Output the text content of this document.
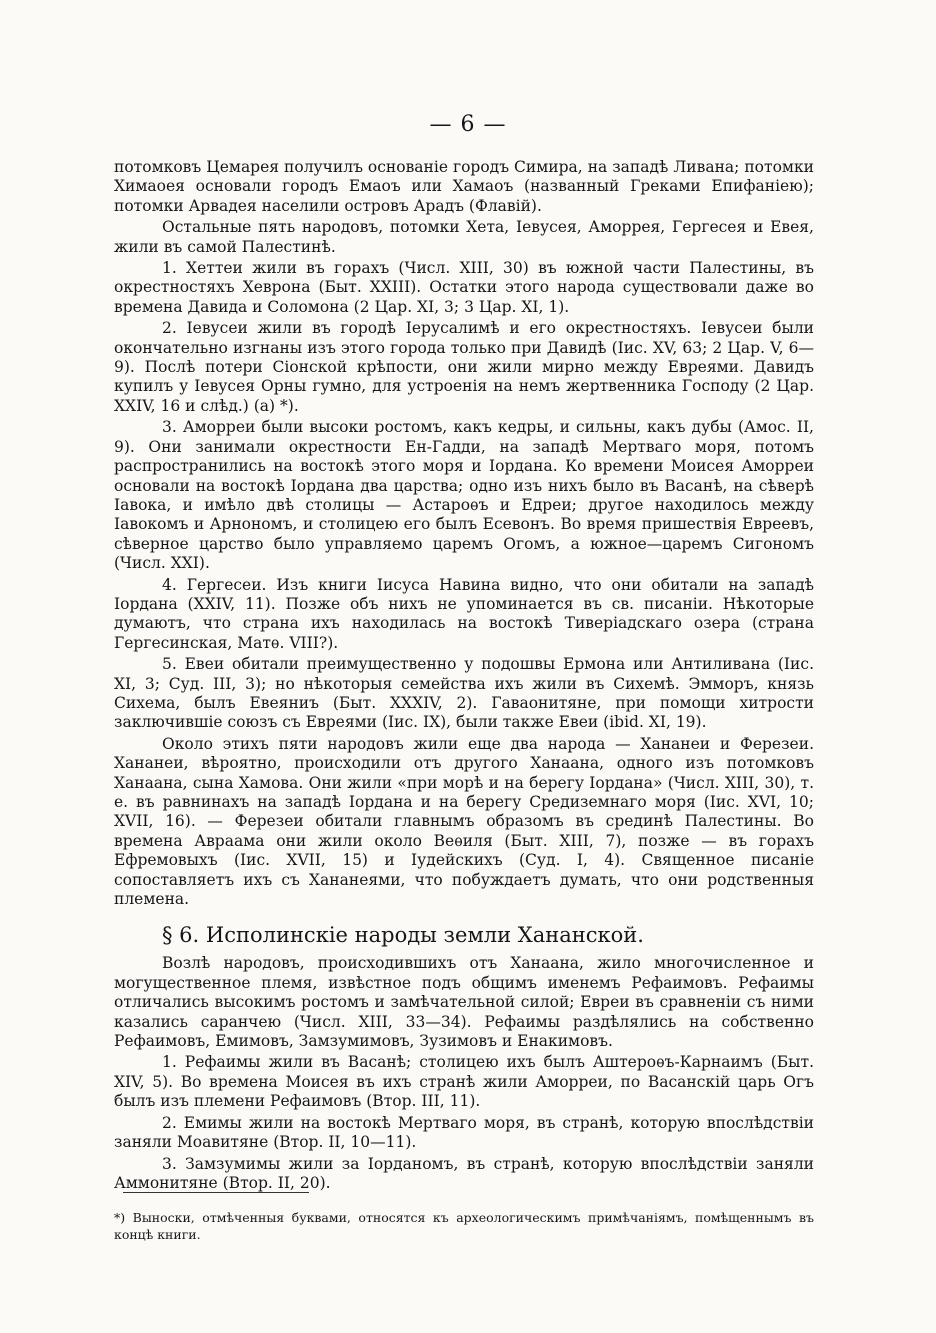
— 6 —

потомковъ Цемарея получилъ основаніе городъ Симира, на западѣ Ливана; потомки Химаоея основали городъ Емаоъ или Хамаоъ (названный Греками Епифаніею); потомки Арвадея населили островъ Арадъ (Флавій).

Остальные пять народовъ, потомки Хета, Іевусея, Аморрея, Гергесея и Евея, жили въ самой Палестинѣ.

1. Хеттеи жили въ горахъ (Числ. XIII, 30) въ южной части Палестины, въ окрестностяхъ Хеврона (Быт. XXIII). Остатки этого народа существовали даже во времена Давида и Соломона (2 Цар. XI, 3; 3 Цар. XI, 1).

2. Іевусеи жили въ городѣ Іерусалимѣ и его окрестностяхъ. Іевусеи были окончательно изгнаны изъ этого города только при Давидѣ (Іис. XV, 63; 2 Цар. V, 6—9). Послѣ потери Сіонской крѣпости, они жили мирно между Евреями. Давидъ купилъ у Іевусея Орны гумно, для устроенія на немъ жертвенника Господу (2 Цар. XXIV, 16 и слѣд.) (а) *).

3. Аморреи были высоки ростомъ, какъ кедры, и сильны, какъ дубы (Амос. II, 9). Они занимали окрестности Ен-Гадди, на западѣ Мертваго моря, потомъ распространились на востокѣ этого моря и Іордана. Ко времени Моисея Аморреи основали на востокѣ Іордана два царства; одно изъ нихъ было въ Васанѣ, на сѣверѣ Іавока, и имѣло двѣ столицы — Астароѳъ и Едреи; другое находилось между Іавокомъ и Арнономъ, и столицею его былъ Есевонъ. Во время пришествія Евреевъ, сѣверное царство было управляемо царемъ Огомъ, а южное—царемъ Сигономъ (Числ. XXI).

4. Гергесеи. Изъ книги Іисуса Навина видно, что они обитали на западѣ Іордана (XXIV, 11). Позже объ нихъ не упоминается въ св. писаніи. Нѣкоторые думаютъ, что страна ихъ находилась на востокѣ Тиверіадскаго озера (страна Гергесинская, Матѳ. VIII?).

5. Евеи обитали преимущественно у подошвы Ермона или Антиливана (Іис. XI, 3; Суд. III, 3); но нѣкоторыя семейства ихъ жили въ Сихемѣ. Эмморъ, князь Сихема, былъ Евеяниъ (Быт. XXXIV, 2). Гаваонитяне, при помощи хитрости заключившіе союзъ съ Евреями (Іис. IX), были также Евеи (ibid. XI, 19).

Около этихъ пяти народовъ жили еще два народа — Хананеи и Ферезеи. Хананеи, вѣроятно, происходили отъ другого Ханаана, одного изъ потомковъ Ханаана, сына Хамова. Они жили «при морѣ и на берегу Іордана» (Числ. XIII, 30), т. е. въ равнинахъ на западѣ Іордана и на берегу Средиземнаго моря (Іис. XVI, 10; XVII, 16). — Ферезеи обитали главнымъ образомъ въ срединѣ Палестины. Во времена Авраама они жили около Веѳиля (Быт. XIII, 7), позже — въ горахъ Ефремовыхъ (Іис. XVII, 15) и Іудейскихъ (Суд. I, 4). Священное писаніе сопоставляетъ ихъ съ Хананеями, что побуждаетъ думать, что они родственныя племена.

§ 6. Исполинскіе народы земли Хананской.

Возлѣ народовъ, происходившихъ отъ Ханаана, жило многочисленное и могущественное племя, извѣстное подъ общимъ именемъ Рефаимовъ. Рефаимы отличались высокимъ ростомъ и замѣчательной силой; Евреи въ сравненіи съ ними казались саранчею (Числ. XIII, 33—34). Рефаимы раздѣлялись на собственно Рефаимовъ, Емимовъ, Замзумимовъ, Зузимовъ и Енакимовъ.

1. Рефаимы жили въ Васанѣ; столицею ихъ былъ Аштероѳъ-Карнаимъ (Быт. XIV, 5). Во времена Моисея въ ихъ странѣ жили Аморреи, по Васанскій царь Огъ былъ изъ племени Рефаимовъ (Втор. III, 11).

2. Емимы жили на востокѣ Мертваго моря, въ странѣ, которую впослѣдствіи заняли Моавитяне (Втор. II, 10—11).

3. Замзумимы жили за Іорданомъ, въ странѣ, которую впослѣдствіи заняли Аммонитяне (Втор. II, 20).

*) Выноски, отмѣченныя буквами, относятся къ археологическимъ примѣчаніямъ, помѣщеннымъ въ концѣ книги.
